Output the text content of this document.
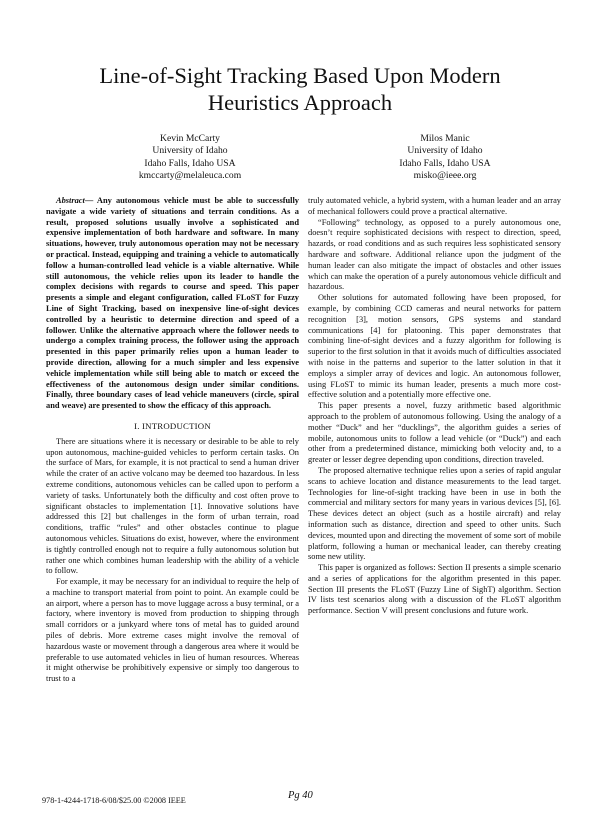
Line-of-Sight Tracking Based Upon Modern
Heuristics Approach
Kevin McCarty
University of Idaho
Idaho Falls, Idaho USA
kmccarty@melaleuca.com
Milos Manic
University of Idaho
Idaho Falls, Idaho USA
misko@ieee.org

Abstract— Any autonomous vehicle must be able to successfully navigate a wide variety of situations and terrain conditions. As a result, proposed solutions usually involve a sophisticated and expensive implementation of both hardware and software. In many situations, however, truly autonomous operation may not be necessary or practical. Instead, equipping and training a vehicle to automatically follow a human-controlled lead vehicle is a viable alternative. While still autonomous, the vehicle relies upon its leader to handle the complex decisions with regards to course and speed. This paper presents a simple and elegant configuration, called FLoST for Fuzzy Line of Sight Tracking, based on inexpensive line-of-sight devices controlled by a heuristic to determine direction and speed of a follower. Unlike the alternative approach where the follower needs to undergo a complex training process, the follower using the approach presented in this paper primarily relies upon a human leader to provide direction, allowing for a much simpler and less expensive vehicle implementation while still being able to match or exceed the effectiveness of the autonomous design under similar conditions. Finally, three boundary cases of lead vehicle maneuvers (circle, spiral and weave) are presented to show the efficacy of this approach.

I. INTRODUCTION

There are situations where it is necessary or desirable to be able to rely upon autonomous, machine-guided vehicles to perform certain tasks. On the surface of Mars, for example, it is not practical to send a human driver while the crater of an active volcano may be deemed too hazardous. In less extreme conditions, autonomous vehicles can be called upon to perform a variety of tasks. Unfortunately both the difficulty and cost often prove to significant obstacles to implementation [1]. Innovative solutions have addressed this [2] but challenges in the form of urban terrain, road conditions, traffic “rules” and other obstacles continue to plague autonomous vehicles. Situations do exist, however, where the environment is tightly controlled enough not to require a fully autonomous solution but rather one which combines human leadership with the ability of a vehicle to follow.

For example, it may be necessary for an individual to require the help of a machine to transport material from point to point. An example could be an airport, where a person has to move luggage across a busy terminal, or a factory, where inventory is moved from production to shipping through small corridors or a junkyard where tons of metal has to guided around piles of debris. More extreme cases might involve the removal of hazardous waste or movement through a dangerous area where it would be preferable to use automated vehicles in lieu of human resources. Whereas it might otherwise be prohibitively expensive or simply too dangerous to trust to a

truly automated vehicle, a hybrid system, with a human leader and an array of mechanical followers could prove a practical alternative.

“Following” technology, as opposed to a purely autonomous one, doesn’t require sophisticated decisions with respect to direction, speed, hazards, or road conditions and as such requires less sophisticated sensory hardware and software. Additional reliance upon the judgment of the human leader can also mitigate the impact of obstacles and other issues which can make the operation of a purely autonomous vehicle difficult and hazardous.

Other solutions for automated following have been proposed, for example, by combining CCD cameras and neural networks for pattern recognition [3], motion sensors, GPS systems and standard communications [4] for platooning. This paper demonstrates that combining line-of-sight devices and a fuzzy algorithm for following is superior to the first solution in that it avoids much of difficulties associated with noise in the patterns and superior to the latter solution in that it employs a simpler array of devices and logic. An autonomous follower, using FLoST to mimic its human leader, presents a much more cost-effective solution and a potentially more effective one.

This paper presents a novel, fuzzy arithmetic based algorithmic approach to the problem of autonomous following. Using the analogy of a mother “Duck” and her “ducklings”, the algorithm guides a series of mobile, autonomous units to follow a lead vehicle (or “Duck”) and each other from a predetermined distance, mimicking both velocity and, to a greater or lesser degree depending upon conditions, direction traveled.

The proposed alternative technique relies upon a series of rapid angular scans to achieve location and distance measurements to the lead target. Technologies for line-of-sight tracking have been in use in both the commercial and military sectors for many years in various devices [5], [6]. These devices detect an object (such as a hostile aircraft) and relay information such as distance, direction and speed to other units. Such devices, mounted upon and directing the movement of some sort of mobile platform, following a human or mechanical leader, can thereby creating some new utility.

This paper is organized as follows: Section II presents a simple scenario and a series of applications for the algorithm presented in this paper. Section III presents the FLoST (Fuzzy Line of SighT) algorithm. Section IV lists test scenarios along with a discussion of the FLoST algorithm performance. Section V will present conclusions and future work.

978-1-4244-1718-6/08/$25.00 ©2008 IEEE	Pg 40
